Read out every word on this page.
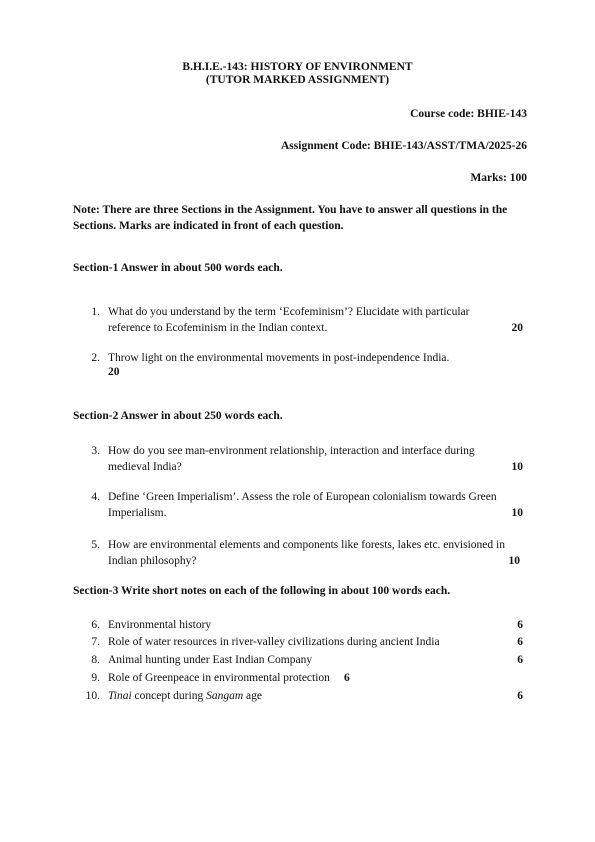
B.H.I.E.-143: HISTORY OF ENVIRONMENT
(TUTOR MARKED ASSIGNMENT)
Course code: BHIE-143
Assignment Code: BHIE-143/ASST/TMA/2025-26
Marks: 100
Note: There are three Sections in the Assignment. You have to answer all questions in the Sections. Marks are indicated in front of each question.
Section-1 Answer in about 500 words each.
1. What do you understand by the term ‘Ecofeminism’? Elucidate with particular
reference to Ecofeminism in the Indian context.	20
2. Throw light on the environmental movements in post-independence India.
20
Section-2 Answer in about 250 words each.
3. How do you see man-environment relationship, interaction and interface during
medieval India?	10
4. Define ‘Green Imperialism’. Assess the role of European colonialism towards Green
Imperialism.	10
5. How are environmental elements and components like forests, lakes etc. envisioned in
Indian philosophy?	10
Section-3 Write short notes on each of the following in about 100 words each.
6. Environmental history	6
7. Role of water resources in river-valley civilizations during ancient India	6
8. Animal hunting under East Indian Company	6
9. Role of Greenpeace in environmental protection 6
10. Tinai concept during Sangam age	6
